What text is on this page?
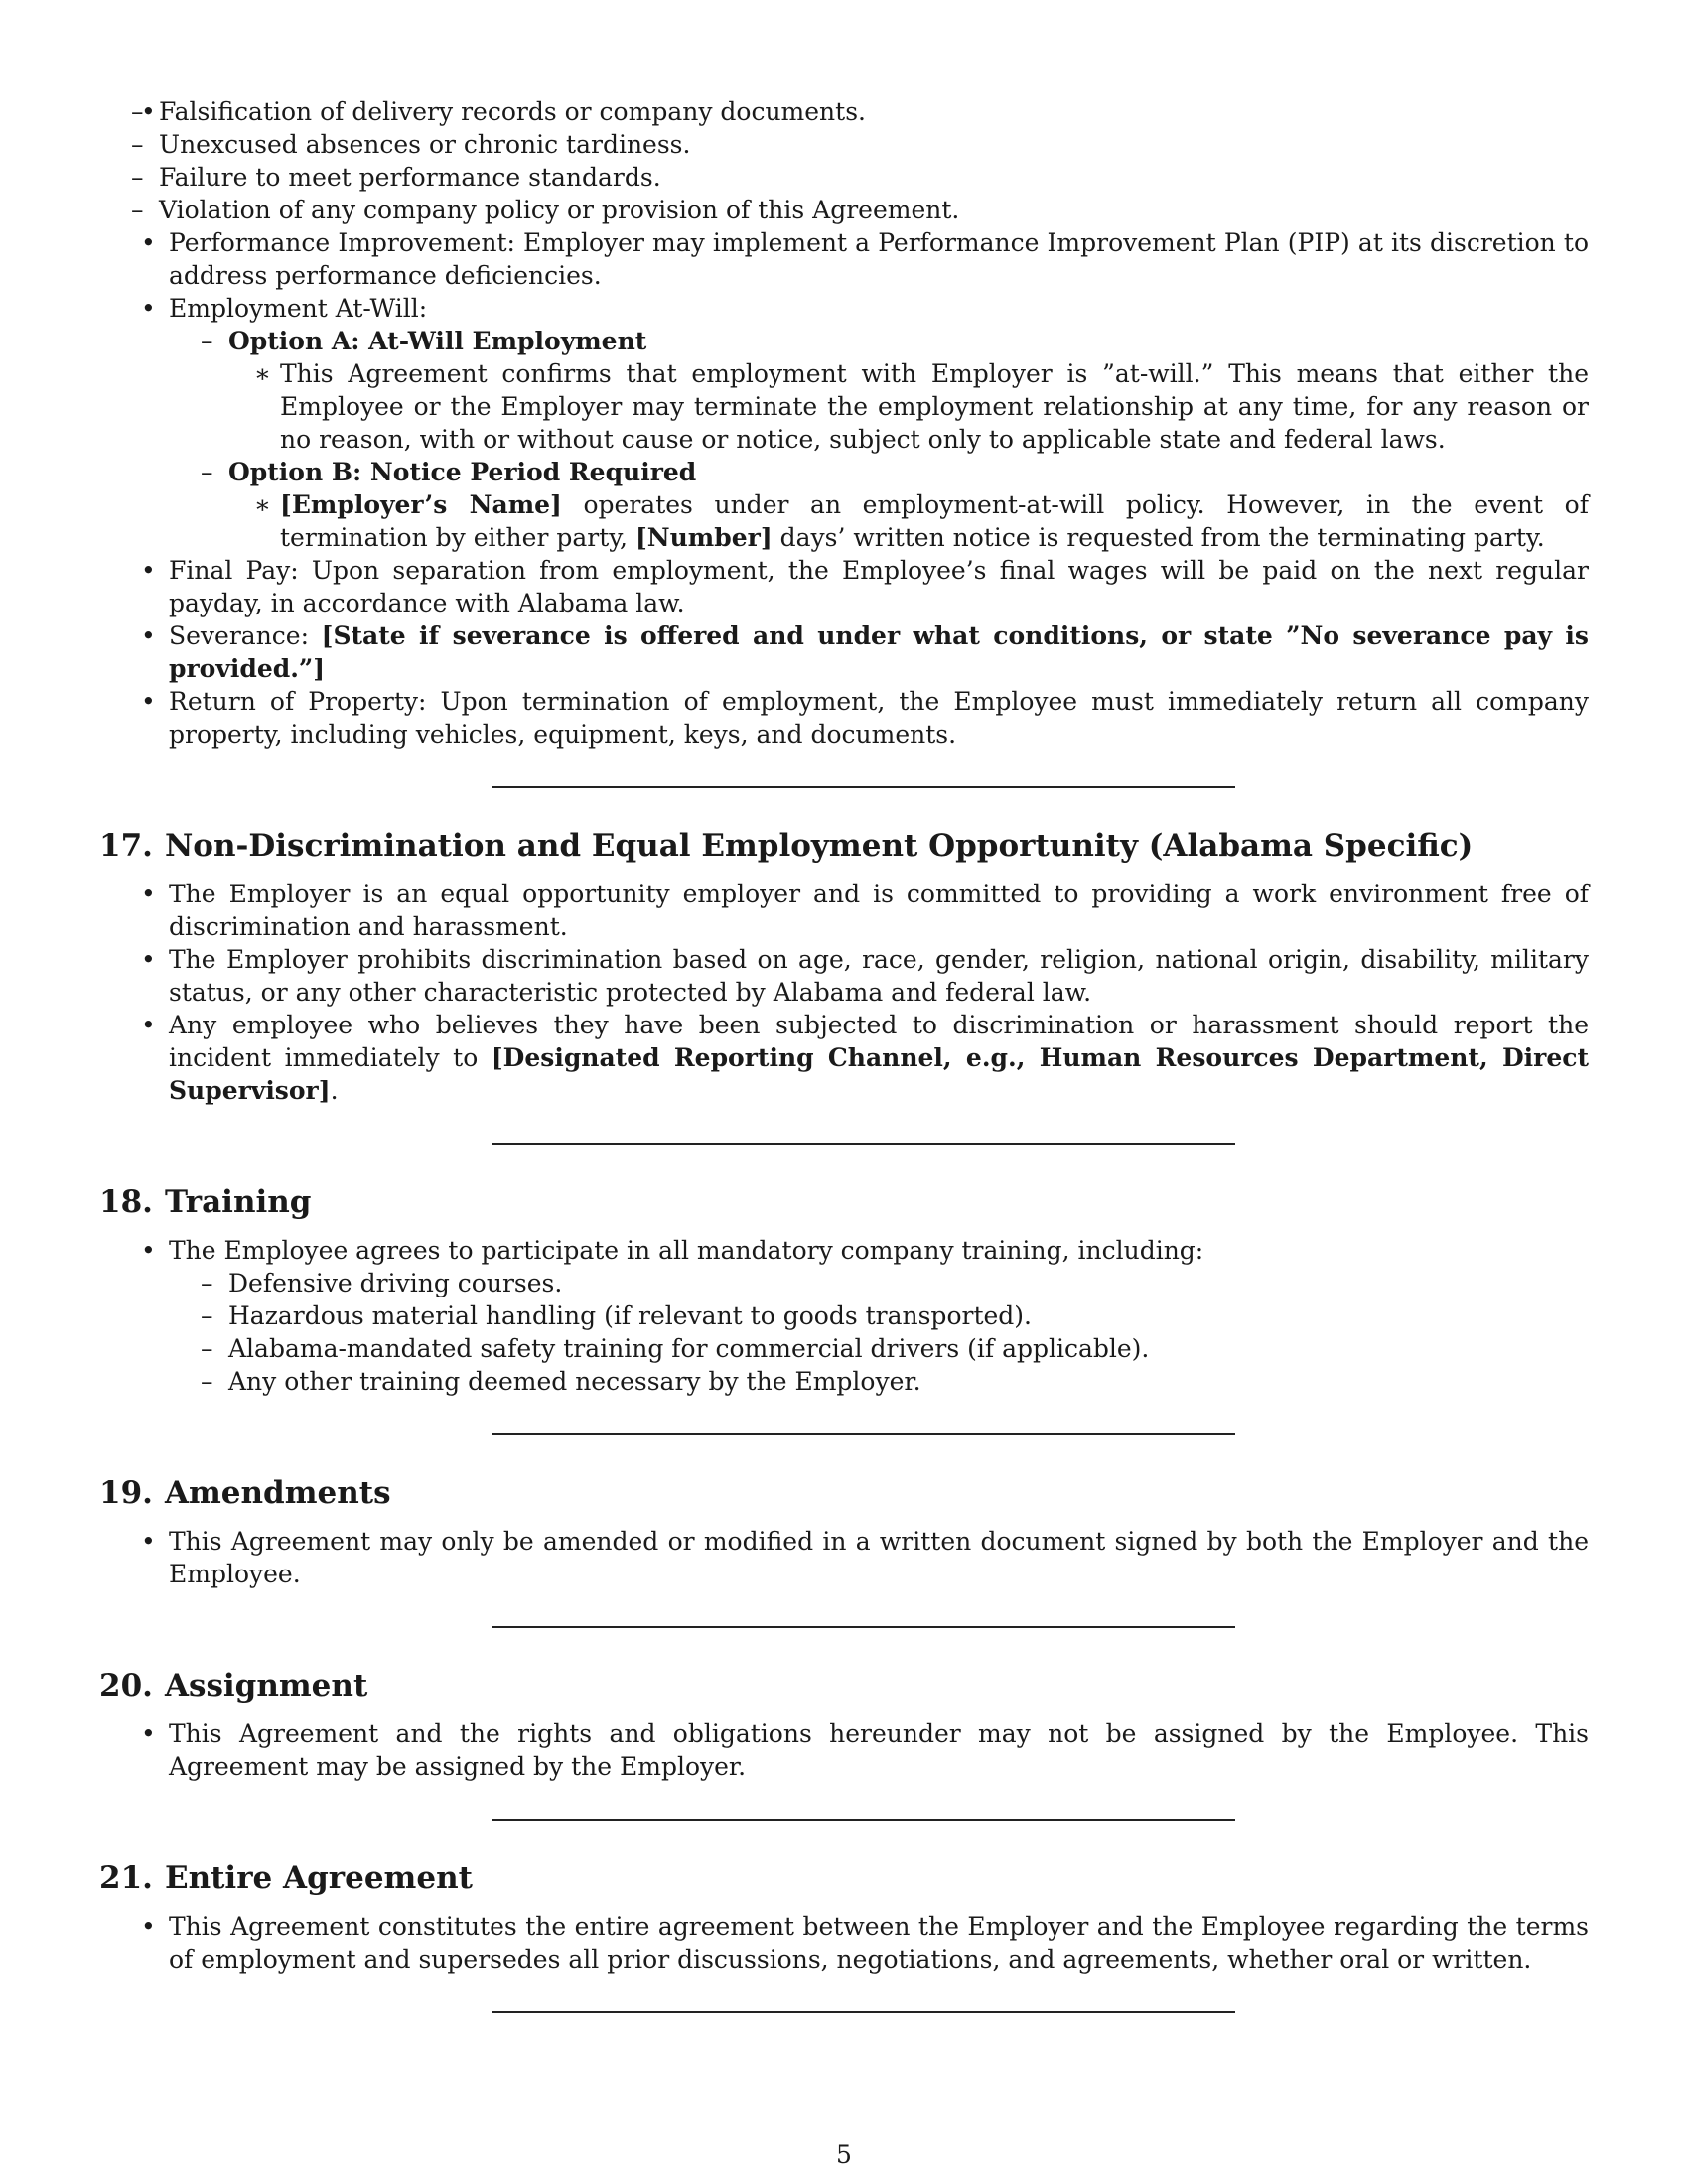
– • Falsification of delivery records or company documents.
– Unexcused absences or chronic tardiness.
– Failure to meet performance standards.
– Violation of any company policy or provision of this Agreement.
• Performance Improvement: Employer may implement a Performance Improvement Plan (PIP) at its discretion to address performance deficiencies.
• Employment At-Will:
– Option A: At-Will Employment
∗ This Agreement confirms that employment with Employer is ”at-will.” This means that either the Employee or the Employer may terminate the employment relationship at any time, for any reason or no reason, with or without cause or notice, subject only to applicable state and federal laws.
– Option B: Notice Period Required
∗ [Employer’s Name] operates under an employment-at-will policy. However, in the event of termination by either party, [Number] days’ written notice is requested from the terminating party.
• Final Pay: Upon separation from employment, the Employee’s final wages will be paid on the next regular payday, in accordance with Alabama law.
• Severance: [State if severance is offered and under what conditions, or state ”No severance pay is provided.”]
• Return of Property: Upon termination of employment, the Employee must immediately return all company property, including vehicles, equipment, keys, and documents.
17. Non-Discrimination and Equal Employment Opportunity (Alabama Specific)
• The Employer is an equal opportunity employer and is committed to providing a work environment free of discrimination and harassment.
• The Employer prohibits discrimination based on age, race, gender, religion, national origin, disability, military status, or any other characteristic protected by Alabama and federal law.
• Any employee who believes they have been subjected to discrimination or harassment should report the incident immediately to [Designated Reporting Channel, e.g., Human Resources Department, Direct Supervisor].
18. Training
• The Employee agrees to participate in all mandatory company training, including:
– Defensive driving courses.
– Hazardous material handling (if relevant to goods transported).
– Alabama-mandated safety training for commercial drivers (if applicable).
– Any other training deemed necessary by the Employer.
19. Amendments
• This Agreement may only be amended or modified in a written document signed by both the Employer and the Employee.
20. Assignment
• This Agreement and the rights and obligations hereunder may not be assigned by the Employee. This Agreement may be assigned by the Employer.
21. Entire Agreement
• This Agreement constitutes the entire agreement between the Employer and the Employee regarding the terms of employment and supersedes all prior discussions, negotiations, and agreements, whether oral or written.
5
